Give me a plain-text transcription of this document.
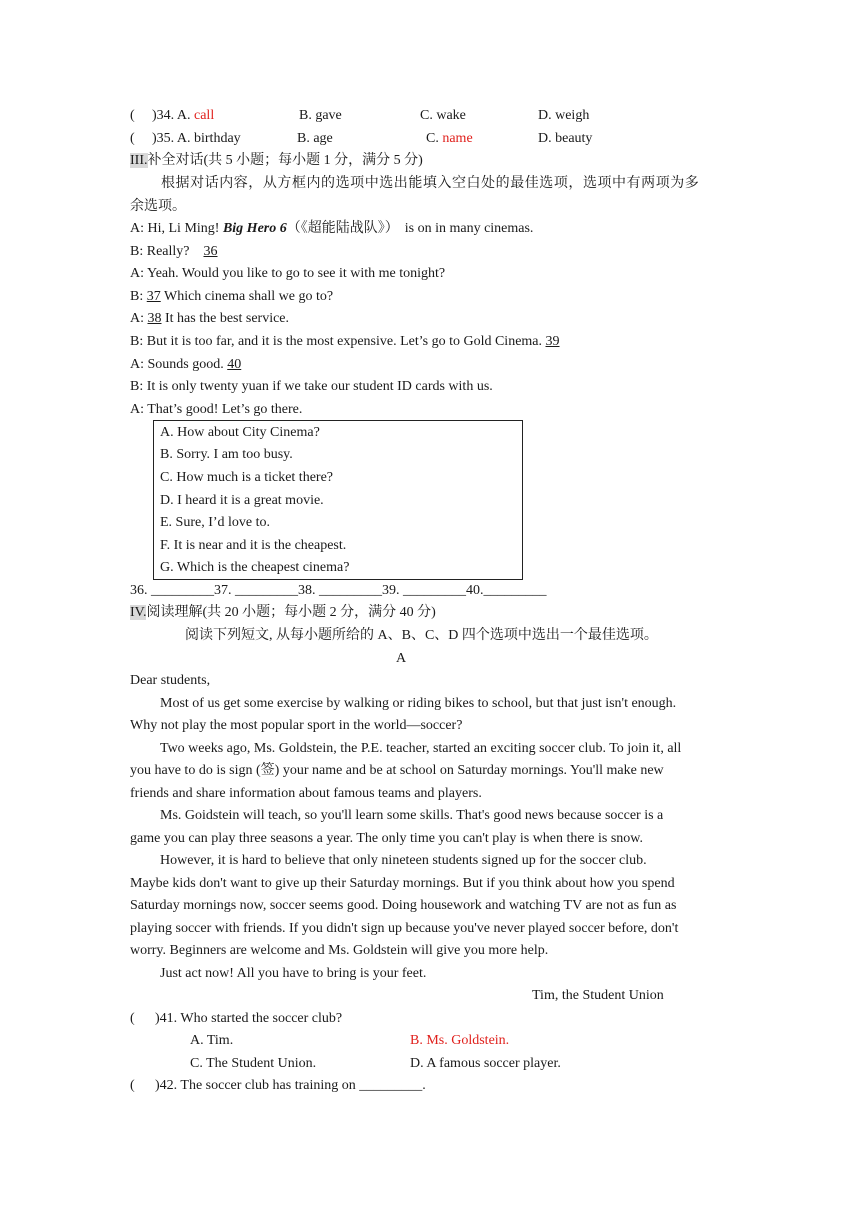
( )34. A. call	B. gave	C. wake	D. weigh
( )35. A. birthday	B. age	C. name	D. beauty
III.补全对话(共 5 小题；每小题 1 分，满分 5 分)
根据对话内容，从方框内的选项中选出能填入空白处的最佳选项，选项中有两项为多
余选项。
A: Hi, Li Ming! Big Hero 6（《超能陆战队》） is on in many cinemas.
B: Really? 36
A: Yeah. Would you like to go to see it with me tonight?
B: 37 Which cinema shall we go to?
A: 38 It has the best service.
B: But it is too far, and it is the most expensive. Let’s go to Gold Cinema. 39
A: Sounds good. 40
B: It is only twenty yuan if we take our student ID cards with us.
A: That’s good! Let’s go there.
A. How about City Cinema?
B. Sorry. I am too busy.
C. How much is a ticket there?
D. I heard it is a great movie.
E. Sure, I’d love to.
F. It is near and it is the cheapest.
G. Which is the cheapest cinema?
36. _________37. _________38. _________39. _________40._________
IV.阅读理解(共 20 小题；每小题 2 分，满分 40 分)
阅读下列短文, 从每小题所给的 A、B、C、D 四个选项中选出一个最佳选项。
A
Dear students,
Most of us get some exercise by walking or riding bikes to school, but that just isn't enough.
Why not play the most popular sport in the world—soccer?
Two weeks ago, Ms. Goldstein, the P.E. teacher, started an exciting soccer club. To join it, all
you have to do is sign (签) your name and be at school on Saturday mornings. You'll make new
friends and share information about famous teams and players.
Ms. Goidstein will teach, so you'll learn some skills. That's good news because soccer is a
game you can play three seasons a year. The only time you can't play is when there is snow.
However, it is hard to believe that only nineteen students signed up for the soccer club.
Maybe kids don't want to give up their Saturday mornings. But if you think about how you spend
Saturday mornings now, soccer seems good. Doing housework and watching TV are not as fun as
playing soccer with friends. If you didn't sign up because you've never played soccer before, don't
worry. Beginners are welcome and Ms. Goldstein will give you more help.
Just act now! All you have to bring is your feet.
Tim, the Student Union
( )41. Who started the soccer club?
A. Tim.	B. Ms. Goldstein.
C. The Student Union.	D. A famous soccer player.
( )42. The soccer club has training on _________.
